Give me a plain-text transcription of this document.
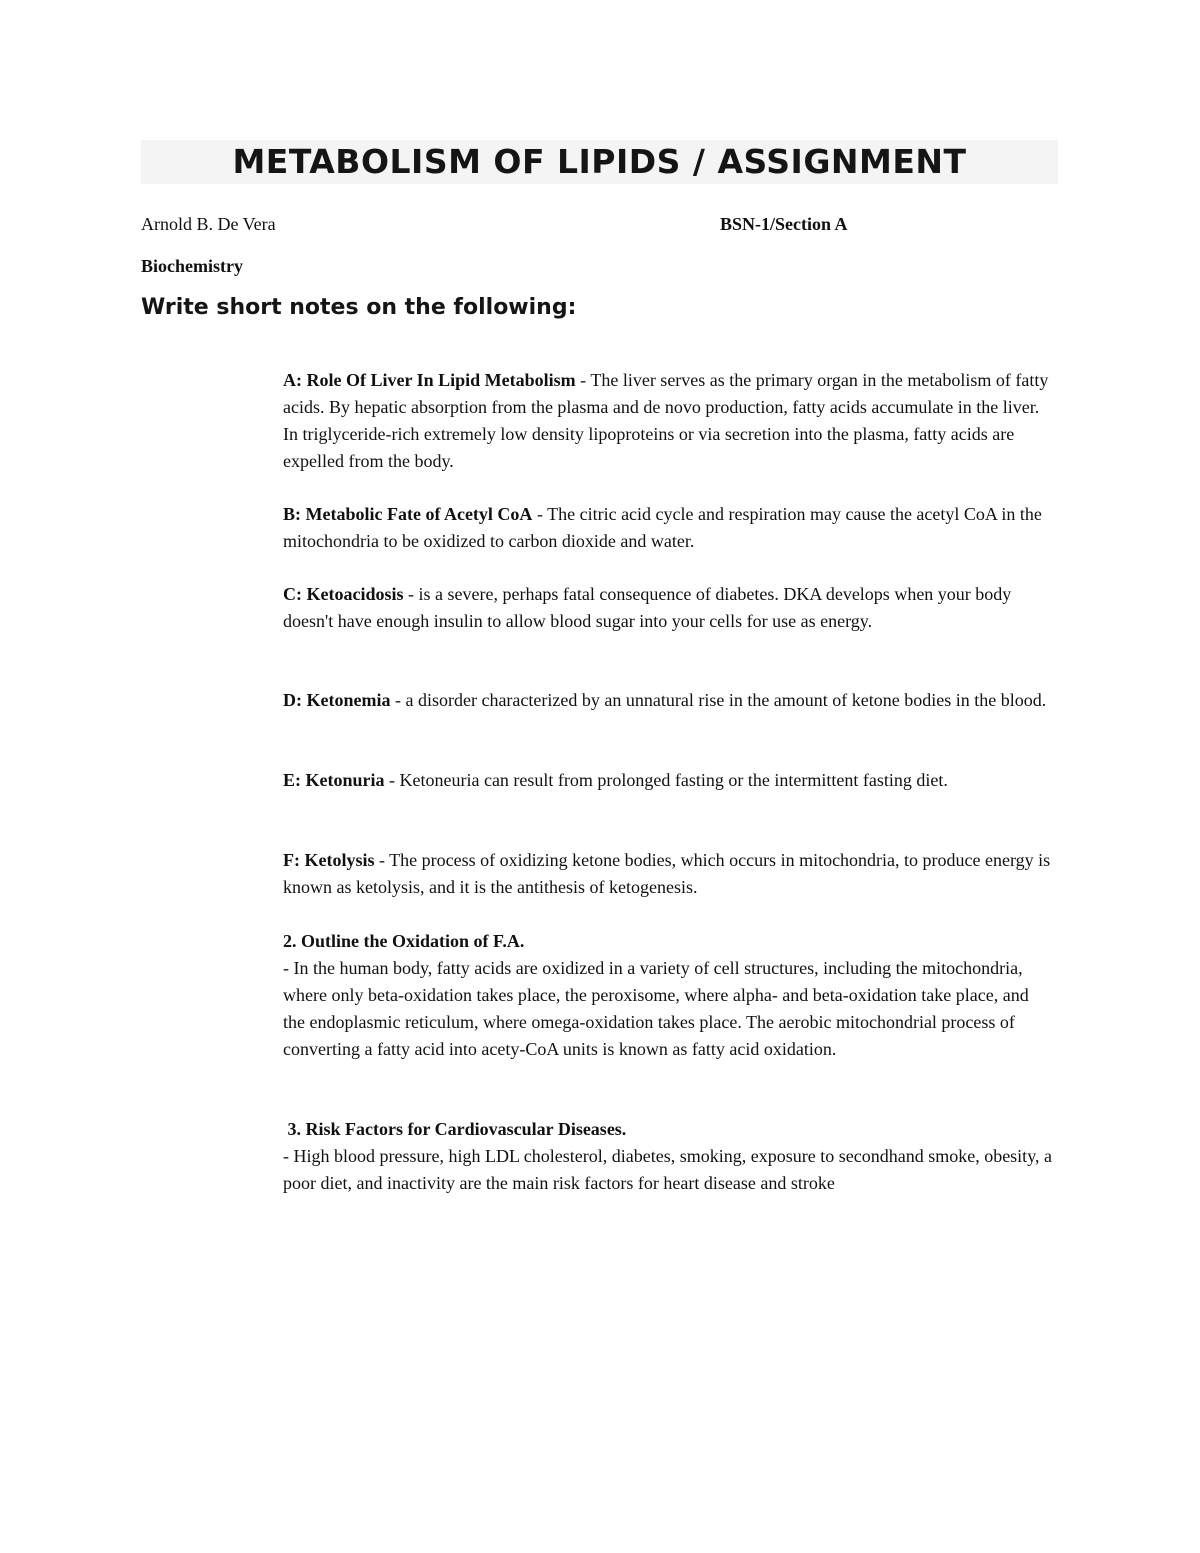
METABOLISM OF LIPIDS / ASSIGNMENT
Arnold B. De Vera	BSN-1/Section A
Biochemistry
Write short notes on the following:

A: Role Of Liver In Lipid Metabolism - The liver serves as the primary organ in the metabolism of fatty acids. By hepatic absorption from the plasma and de novo production, fatty acids accumulate in the liver. In triglyceride-rich extremely low density lipoproteins or via secretion into the plasma, fatty acids are expelled from the body.

B: Metabolic Fate of Acetyl CoA - The citric acid cycle and respiration may cause the acetyl CoA in the mitochondria to be oxidized to carbon dioxide and water.

C: Ketoacidosis - is a severe, perhaps fatal consequence of diabetes. DKA develops when your body doesn't have enough insulin to allow blood sugar into your cells for use as energy.

D: Ketonemia - a disorder characterized by an unnatural rise in the amount of ketone bodies in the blood.

E: Ketonuria - Ketoneuria can result from prolonged fasting or the intermittent fasting diet.

F: Ketolysis - The process of oxidizing ketone bodies, which occurs in mitochondria, to produce energy is known as ketolysis, and it is the antithesis of ketogenesis.

2. Outline the Oxidation of F.A.
- In the human body, fatty acids are oxidized in a variety of cell structures, including the mitochondria, where only beta-oxidation takes place, the peroxisome, where alpha- and beta-oxidation take place, and the endoplasmic reticulum, where omega-oxidation takes place. The aerobic mitochondrial process of converting a fatty acid into acety-CoA units is known as fatty acid oxidation.

3. Risk Factors for Cardiovascular Diseases.
- High blood pressure, high LDL cholesterol, diabetes, smoking, exposure to secondhand smoke, obesity, a poor diet, and inactivity are the main risk factors for heart disease and stroke
